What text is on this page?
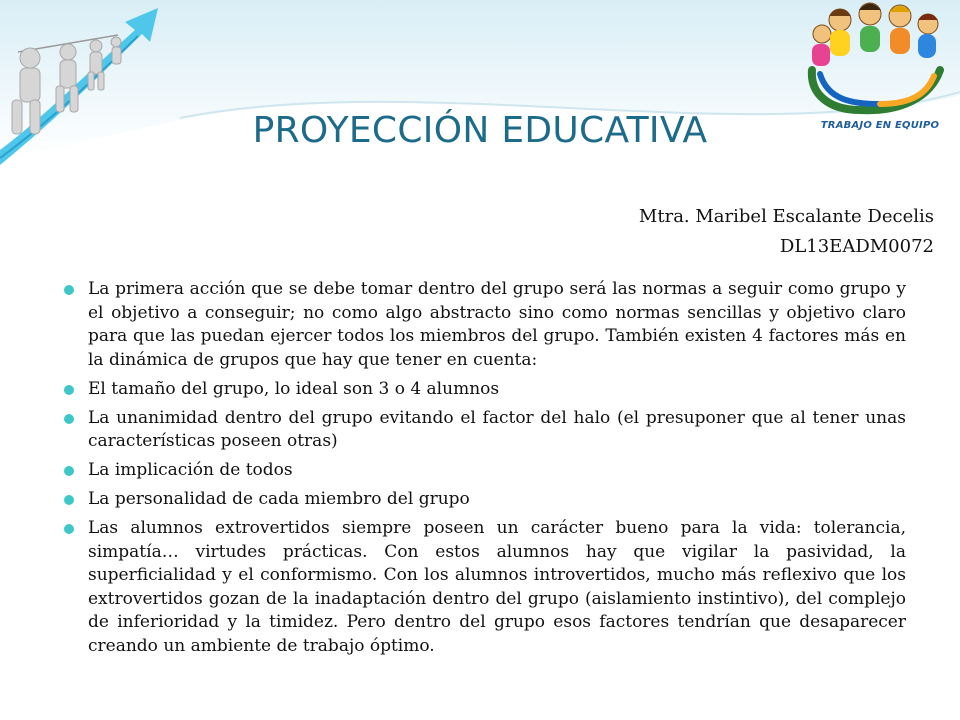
TRABAJO EN EQUIPO
PROYECCIÓN EDUCATIVA
Mtra. Maribel Escalante Decelis
DL13EADM0072
La primera acción que se debe tomar dentro del grupo será las normas a seguir como grupo y el objetivo a conseguir; no como algo abstracto sino como normas sencillas y objetivo claro para que las puedan ejercer todos los miembros del grupo. También existen 4 factores más en la dinámica de grupos que hay que tener en cuenta:
El tamaño del grupo, lo ideal son 3 o 4 alumnos
La unanimidad dentro del grupo evitando el factor del halo (el presuponer que al tener unas características poseen otras)
La implicación de todos
La personalidad de cada miembro del grupo
Las alumnos extrovertidos siempre poseen un carácter bueno para la vida: tolerancia, simpatía… virtudes prácticas. Con estos alumnos hay que vigilar la pasividad, la superficialidad y el conformismo. Con los alumnos introvertidos, mucho más reflexivo que los extrovertidos gozan de la inadaptación dentro del grupo (aislamiento instintivo), del complejo de inferioridad y la timidez. Pero dentro del grupo esos factores tendrían que desaparecer creando un ambiente de trabajo óptimo.
